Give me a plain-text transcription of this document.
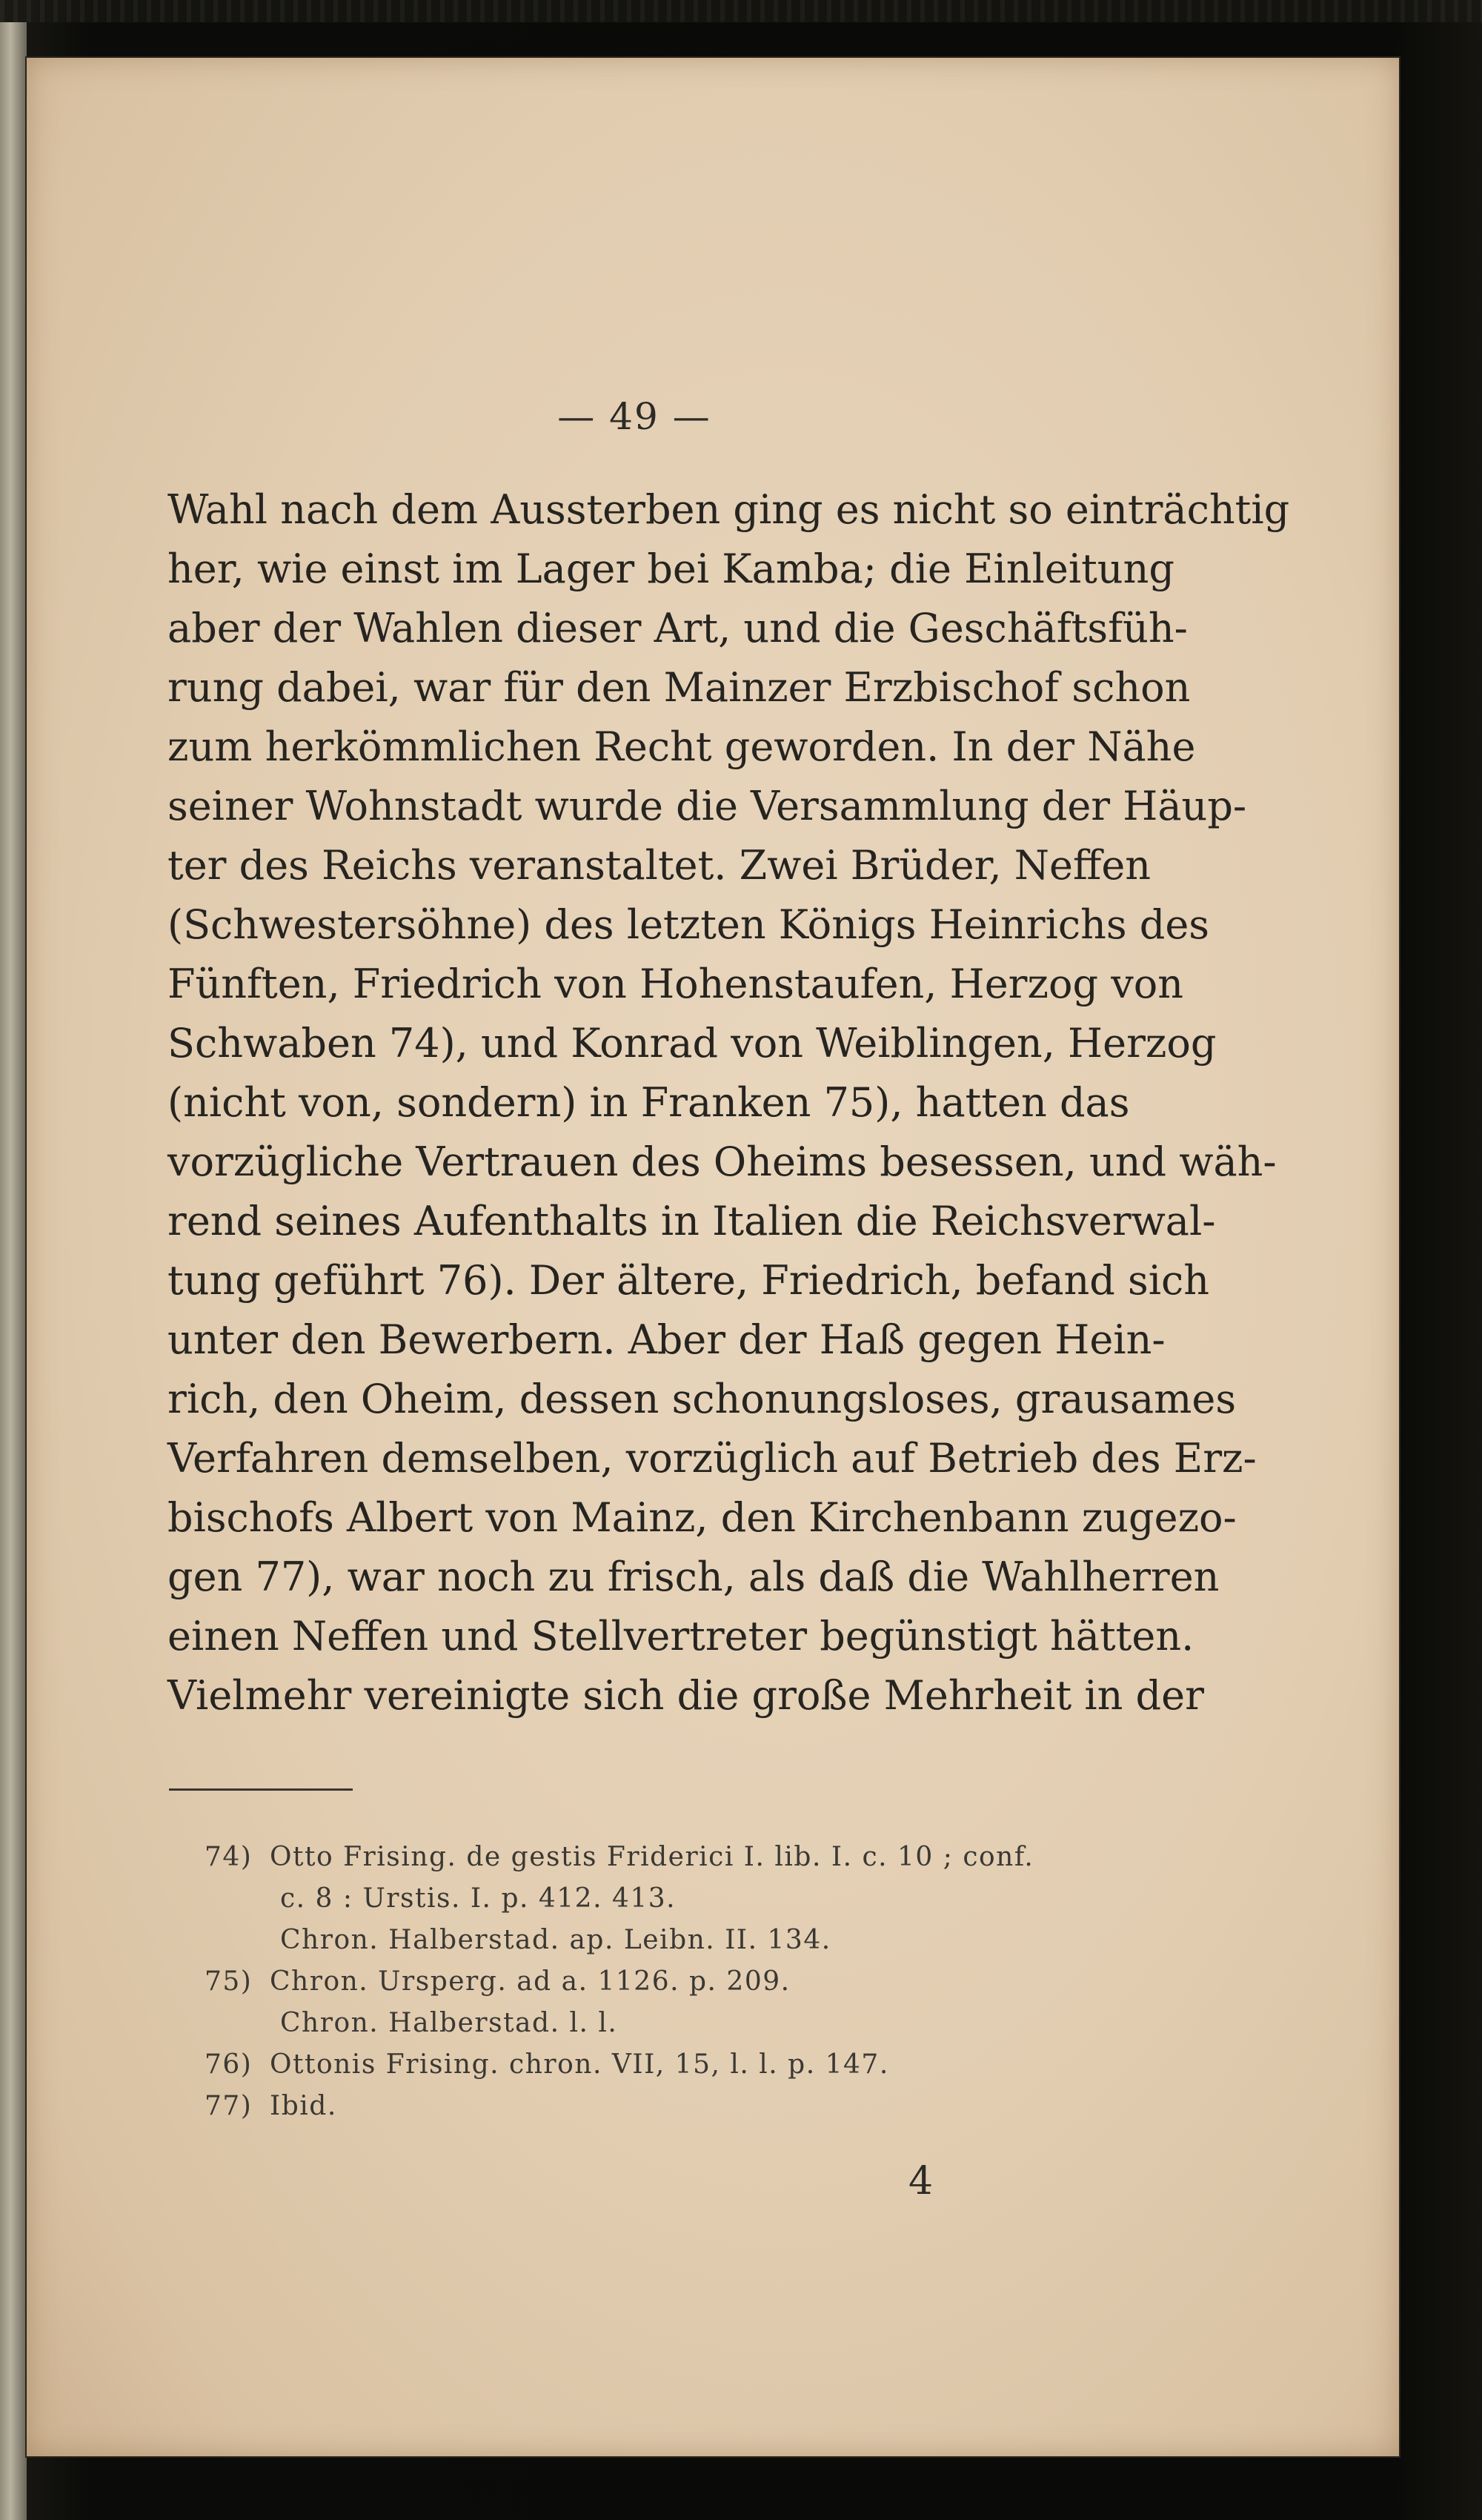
— 49 —
Wahl nach dem Aussterben ging es nicht so einträchtig
her, wie einst im Lager bei Kamba; die Einleitung
aber der Wahlen dieser Art, und die Geschäftsfüh-
rung dabei, war für den Mainzer Erzbischof schon
zum herkömmlichen Recht geworden. In der Nähe
seiner Wohnstadt wurde die Versammlung der Häup-
ter des Reichs veranstaltet. Zwei Brüder, Neffen
(Schwestersöhne) des letzten Königs Heinrichs des
Fünften, Friedrich von Hohenstaufen, Herzog von
Schwaben 74), und Konrad von Weiblingen, Herzog
(nicht von, sondern) in Franken 75), hatten das
vorzügliche Vertrauen des Oheims besessen, und wäh-
rend seines Aufenthalts in Italien die Reichsverwal-
tung geführt 76). Der ältere, Friedrich, befand sich
unter den Bewerbern. Aber der Haß gegen Hein-
rich, den Oheim, dessen schonungsloses, grausames
Verfahren demselben, vorzüglich auf Betrieb des Erz-
bischofs Albert von Mainz, den Kirchenbann zugezo-
gen 77), war noch zu frisch, als daß die Wahlherren
einen Neffen und Stellvertreter begünstigt hätten.
Vielmehr vereinigte sich die große Mehrheit in der
74) Otto Frising. de gestis Friderici I. lib. I. c. 10 ; conf.
c. 8 : Urstis. I. p. 412. 413.
Chron. Halberstad. ap. Leibn. II. 134.
75) Chron. Ursperg. ad a. 1126. p. 209.
Chron. Halberstad. l. l.
76) Ottonis Frising. chron. VII, 15, l. l. p. 147.
77) Ibid.
4
